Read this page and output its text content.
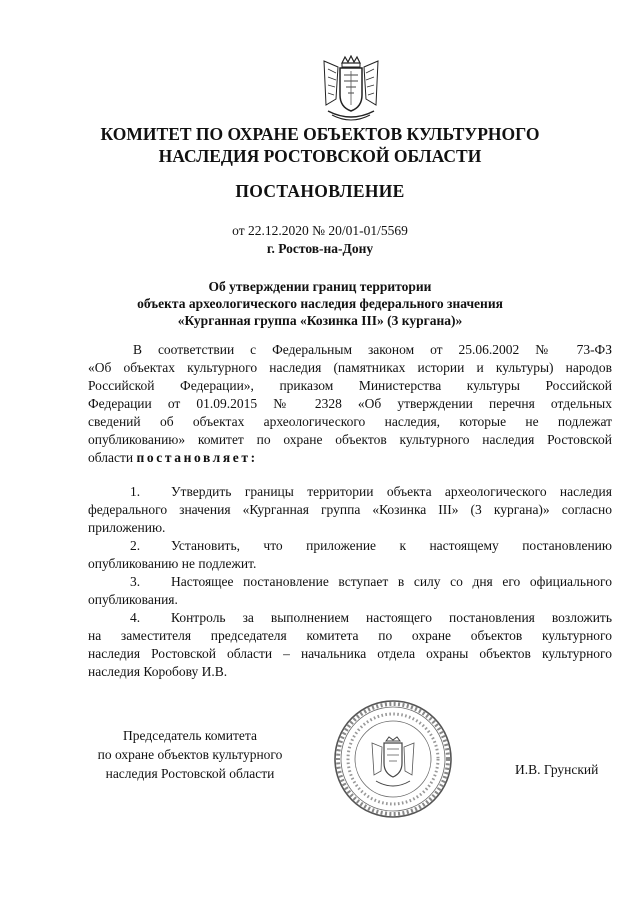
КОМИТЕТ ПО ОХРАНЕ ОБЪЕКТОВ КУЛЬТУРНОГО
НАСЛЕДИЯ РОСТОВСКОЙ ОБЛАСТИ
ПОСТАНОВЛЕНИЕ
от 22.12.2020 № 20/01-01/5569
г. Ростов-на-Дону
Об утверждении границ территории
объекта археологического наследия федерального значения
«Курганная группа «Козинка III» (3 кургана)»
В соответствии с Федеральным законом от 25.06.2002 № 73-ФЗ
«Об объектах культурного наследия (памятниках истории и культуры) народов
Российской Федерации», приказом Министерства культуры Российской
Федерации от 01.09.2015 № 2328 «Об утверждении перечня отдельных
сведений об объектах археологического наследия, которые не подлежат
опубликованию» комитет по охране объектов культурного наследия Ростовской
области постановляет:
1. Утвердить границы территории объекта археологического наследия
федерального значения «Курганная группа «Козинка III» (3 кургана)» согласно
приложению.
2. Установить, что приложение к настоящему постановлению
опубликованию не подлежит.
3. Настоящее постановление вступает в силу со дня его официального
опубликования.
4. Контроль за выполнением настоящего постановления возложить
на заместителя председателя комитета по охране объектов культурного
наследия Ростовской области – начальника отдела охраны объектов культурного
наследия Коробову И.В.
Председатель комитета
по охране объектов культурного
наследия Ростовской области	И.В. Грунский
